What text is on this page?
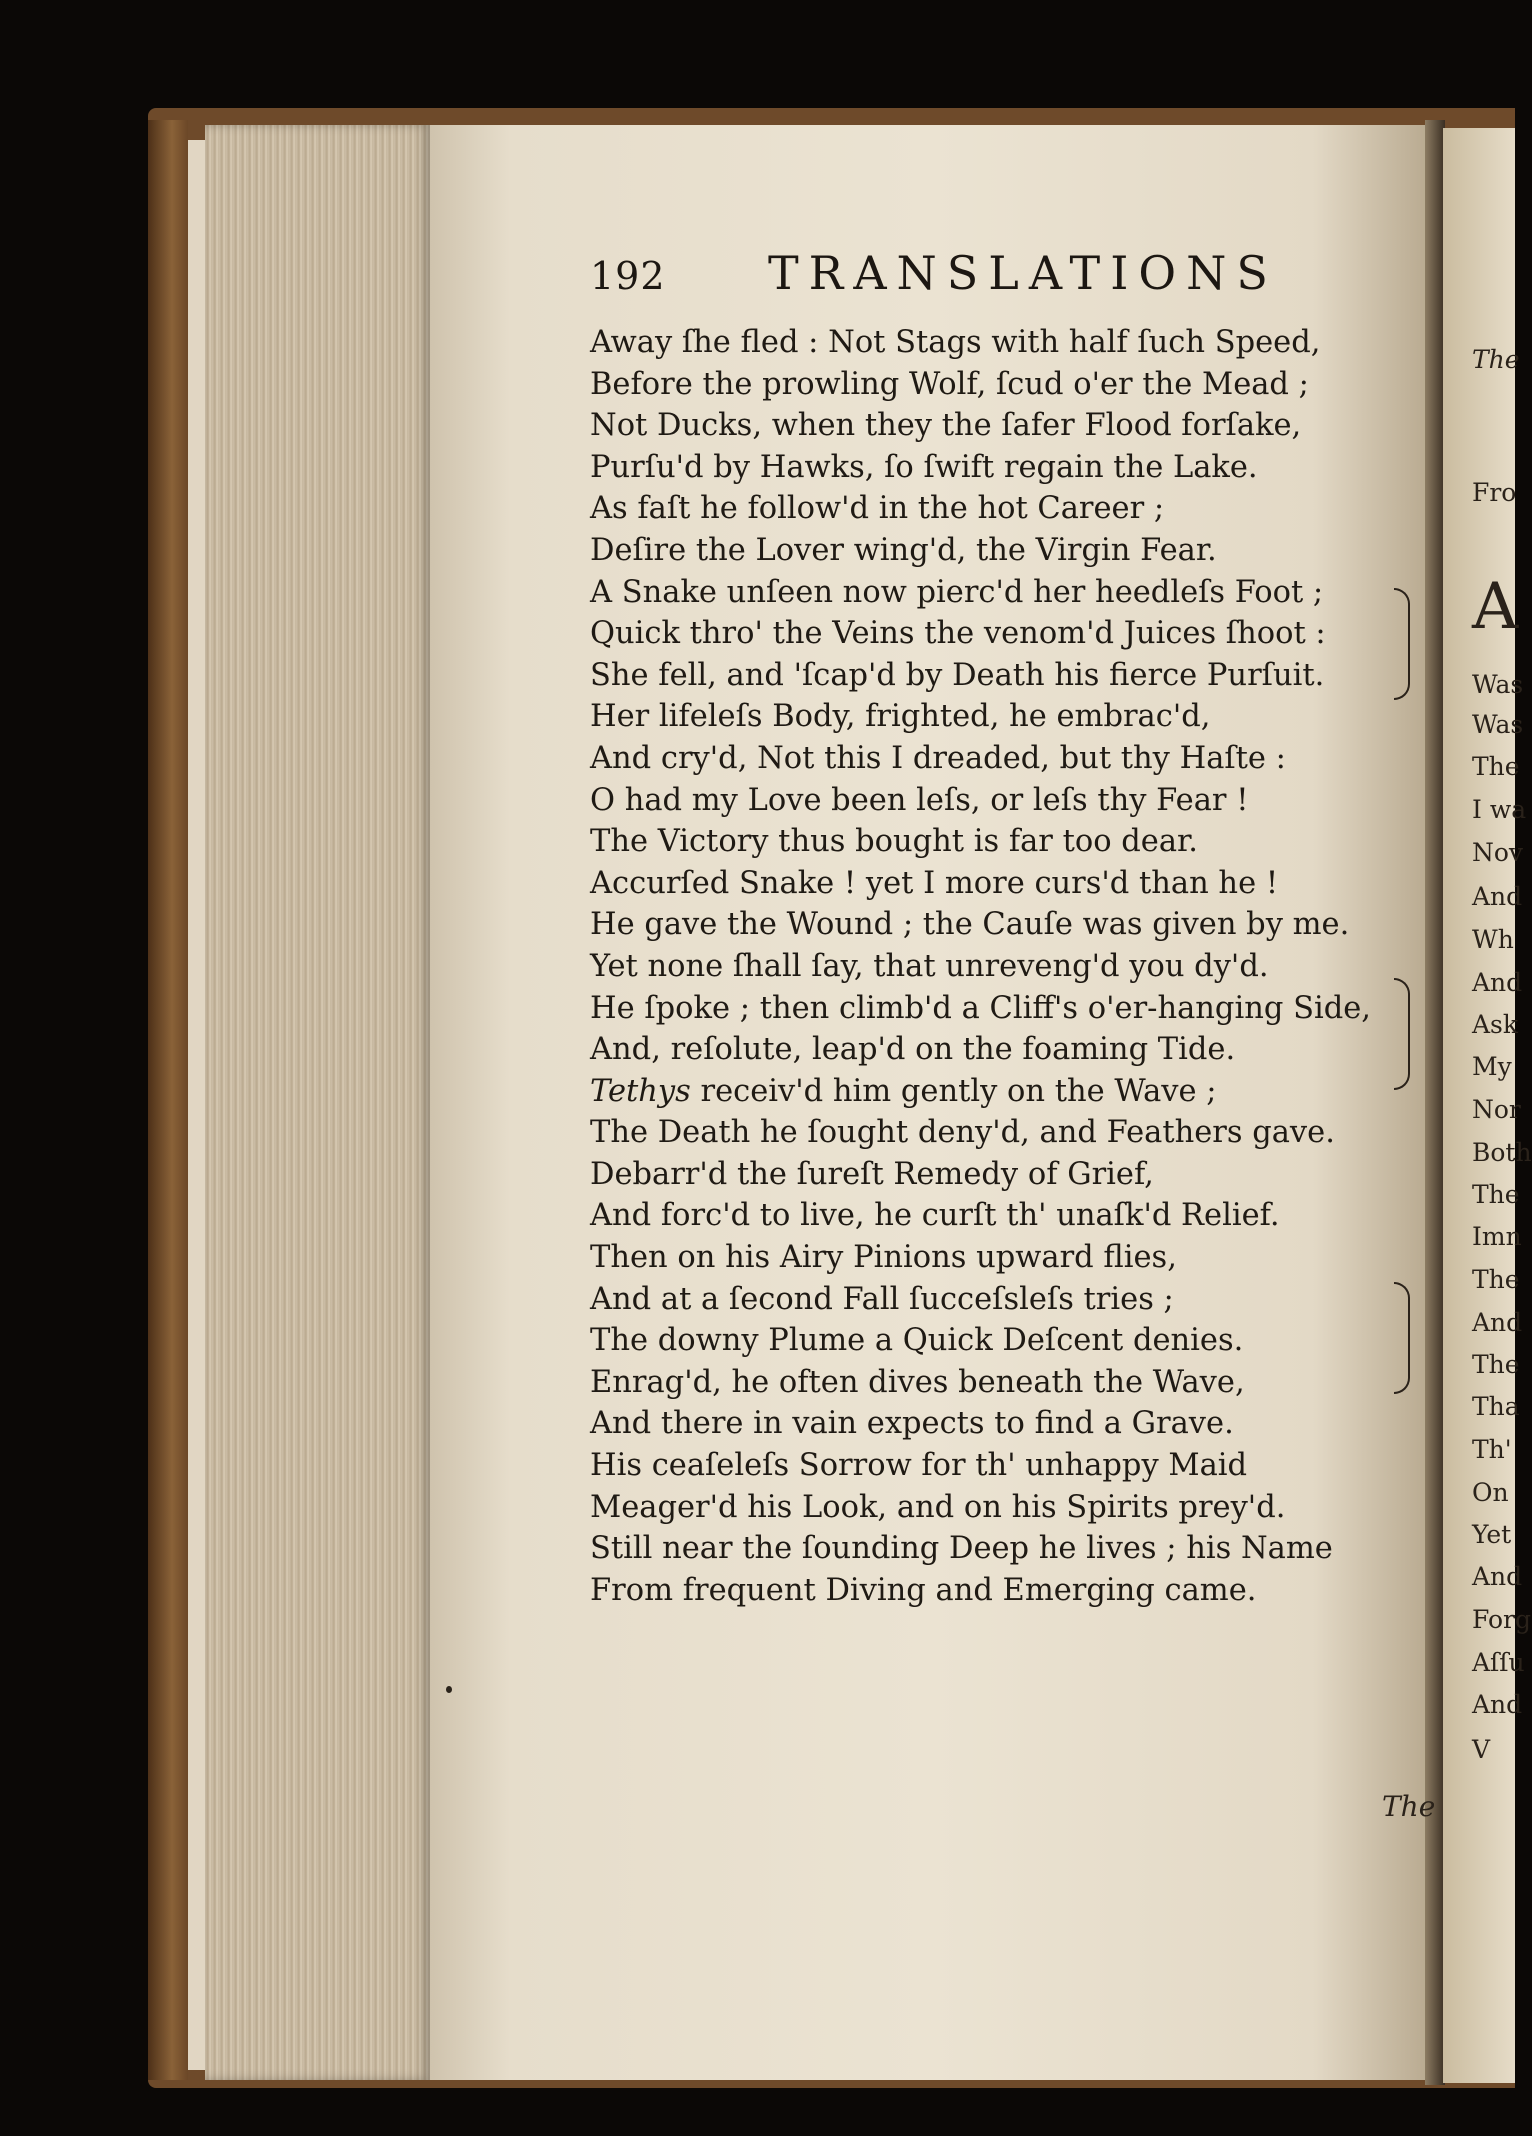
The
Fro
A
Was
Was
The
I wa
Nov
And
Wh
And
Ask
My
Nor
Both
The
Imn
The
And
The
Tha
Th'
On
Yet
And
Forg
Aſſu
And
V
192 TRANSLATIONS
Away ſhe fled : Not Stags with half ſuch Speed,
Before the prowling Wolf, ſcud o'er the Mead ;
Not Ducks, when they the ſafer Flood forſake,
Purſu'd by Hawks, ſo ſwift regain the Lake.
As faſt he follow'd in the hot Career ;
Deſire the Lover wing'd, the Virgin Fear.
A Snake unſeen now pierc'd her heedleſs Foot ;
Quick thro' the Veins the venom'd Juices ſhoot :
She fell, and 'ſcap'd by Death his fierce Purſuit.
Her lifeleſs Body, frighted, he embrac'd,
And cry'd, Not this I dreaded, but thy Haſte :
O had my Love been leſs, or leſs thy Fear !
The Victory thus bought is far too dear.
Accurſed Snake ! yet I more curs'd than he !
He gave the Wound ; the Cauſe was given by me.
Yet none ſhall ſay, that unreveng'd you dy'd.
He ſpoke ; then climb'd a Cliff's o'er-hanging Side,
And, reſolute, leap'd on the foaming Tide.
Tethys receiv'd him gently on the Wave ;
The Death he ſought deny'd, and Feathers gave.
Debarr'd the ſureſt Remedy of Grief,
And forc'd to live, he curſt th' unaſk'd Relief.
Then on his Airy Pinions upward flies,
And at a ſecond Fall ſucceſsleſs tries ;
The downy Plume a Quick Deſcent denies.
Enrag'd, he often dives beneath the Wave,
And there in vain expects to find a Grave.
His ceaſeleſs Sorrow for th' unhappy Maid
Meager'd his Look, and on his Spirits prey'd.
Still near the ſounding Deep he lives ; his Name
From frequent Diving and Emerging came.
The
